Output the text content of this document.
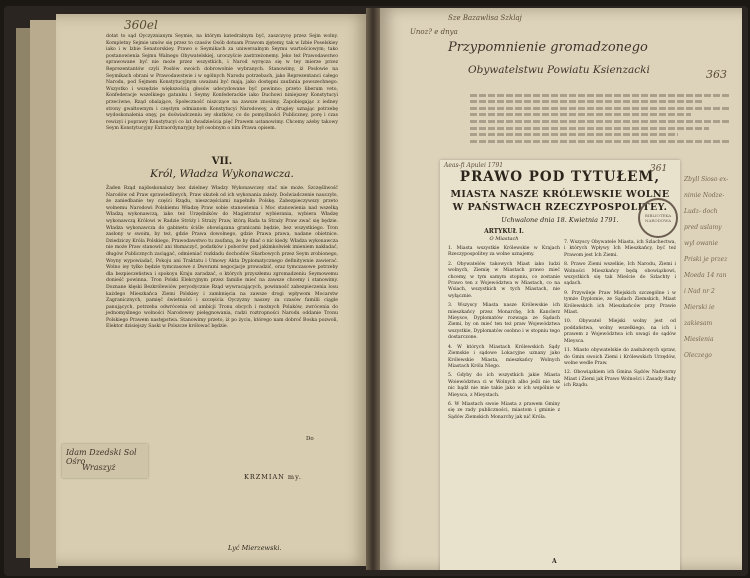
360el
dotat to sąd Oyczyznianym Seymie, na którym katedralnym być, zaszczycę przez Sejm wolny. Kompletny Sejmie umów się przez to czasów Osób dotsam Prawom zjętemy, tak w Izbie Poselskiey iako i w Izbie Senatorskiey. Prawo o Seymikach za uniwersalnym Seymu wartościowym; tako postanowienia Sejmu Walnego Obywatelskiej, uroczyście zastrzeżonemy. Jeko też Prawodawstwo sprawowane być nie może przez wszystkich, i Narod wyręcza się w tey mierze przez Reprezentantów czyli Posłów swoich dobrowolnie wybranych. Stanowimy, iż Posłowie na Seymikach obrani w Prawodawstwie i w ogólnych Narodu potrzebach, jako Reprezentanci całego Narodu, pod Sejmem Konstytucyjnym uważani być mają, jako dostępni zaufania powszechnego. Wszystko i wszędzie większością głosów udecydowane być powinno; przeto liberum veto, Konfederacje wszelkiego gatunku i Seymy Konfederackie iako Duchowi niniejszey Konstytucyi przeciwne, Rząd obalające, Społeczność niszczące na zawsze znosimy. Zapobiegając z iedney strony gwałtownym i częstym odmianom Konstytucyi Narodowey, a drugiey uznając potrzebę wydoskonalenia onęy, po doświadczeniu iey skutków, co do pomyślności Publiczney, porę i czas rewizyi i poprawy Konstytucyi co lat dwadzieścia pięć Prawem ustanowimy. Chcemy ażeby takowy Seym Konstytucyjny Extraordynaryjny był osobnym o nim Prawa opisem.
VII.
Król, Władza Wykonawcza.
Żaden Rząd najdoskonalszy bez dzielney Władzy Wykonawczey stać nie może. Szczęśliwość Narodów od Praw sprawiedliwych, Praw skutek od ich wykonania zależy. Doświadczenie nauczyło, że zaniedbanie tey części Rządu, nieszczęściami napełniło Polskę. Zabezpieczywszy przeto wolnemu Narodowi Polskiemu Władzę Praw sobie stanowienia i Moc stanowienia nad wszelką Władzą wykonawczą, iako też Urzędników do Magistratur wybierania, wybiera Władzę wykonawczą Królowi w Radzie Stróży i Straży Praw, którą Rada ta Straży Praw zwać się będzie. Władza wykonawcza do gabinetu ściśle obowiązana granicami będzie, bez wszystkiego. Tron zasłony w swoim, by też, gdzie Prawa dowolnego, gdzie Prawa prawa, nadane obietnice. Dziedziczy Króla Polskiego, Prawodawstwo tu zaufaną, że by dbać o nic kiedy. Władza wykonawcza nie może Praw stanowić ani tłumaczyć, podatków i poborów pod jakimkolwiek imieniem nakładać, długów Publicznych zaciągać, odmieniać rozkładu dochodów Skarbowych przez Seym zrobionego, Woyny wypowiadać, Pokoju ani Traktatu i Umowy Akta Dyplomatycznego definitywnie zawierać. Wolno iey tylko będzie tymczasowe z Dworami negocjacje prowadzić, oraz tymczasowe potrzeby dla bezpieczeństwa i spokoyu Kraju zaradzać, o których przyszłemu zgromadzeniu Seymowemu donieść powinna. Tron Polski Elekcyjnym przez familie mieć na zawsze chcemy i stanowimy. Doznane klęski Bezkrólewiów peryodycznie Rząd wywracających, powinność zabezpieczenia losu każdego Mieszkańca Ziemi Polskiey i zamknięcia na zawsze drogi wpływom Mocarstw Zagranicznych, pamięć świetności i szczęścia Oyczyzny naszey za czasów familii ciągle panujących, potrzeba odwrócenia od ambicji Tronu obcych i możnych Polaków, zwrócenia do jednomyślnego wolności Narodowey pielęgnowania, radzi roztropności Narodu oddanie Tronu Polskiego Prawem następstwa. Stanowimy przeto, iż po życiu, którego nam dobroć Boska pozwoli, Elektor dzisiejszy Saski w Polszcze królować będzie.
KRZMIAN my.
Do
Lyć Mierzewski.
Idam Dzedski Sol Ośro
Wraszyż
Sze Bazawlisa Szklaj
Unoz? e dnya
Przypomnienie gromadzonego
Obywatelstwu Powiatu Ksienzacki	363
Zbyll Sioso ex-
nimie Nodze-
Ludz- doch
pred uslamy
wyl owanie
Priski je przez
Moeda 14 ran
i Nad nr 2
Mierski ie
zakiesam
Mieslenia
Oleczego
Aeas-fi Apulei 1791	361
PRAWO POD TYTUŁEM,
MIASTA NASZE KRÓLEWSKIE WOLNE
W PAŃSTWACH RZECZYPOSPOLITEY.
Uchwalone dnia 18. Kwietnia 1791.
BIBLIOTEKA NARODOWA
ARTYKUŁ I.
O Miastach

1. Miasta wszystkie Królewskie w Krajach Rzeczypospolitey za wolne uznajemy.

2. Obywatelów takowych Miast iako ludzi wolnych, Ziemię w Miastach prawo mieć chcemy, w tym samym stopniu, co zostanie Prawo ten z Województwa w Miastach, co na Wsiach, wszystkich w tych Miastach, nie wyłącznie.

3. Wszyscy Miasta nasze Królewskie ich mieszkańcy przez Monarchę, Ich Kanclerz Mieysce, Dyplomatów rozwaga ze Sądach Ziemi, by on mieć ten też praw Województwa wszystkie, Dyplomatów osobno i w stopniu tego dostarczone.

4. W których Miastach Królewskich Sądy Ziemskie i sądowe Lokacyjne uznany jako Królewskie Miasta, mieszkańcy Wolnych Miastach Króla Niego.

5. Gdyby do ich wszystkich jakie Miasta Woiewództwa ci w Wolnych albo jeśli nie tak nic bądź nie mie takie jako w ich wspólnie w Mieysca, z Mieystach.

6. W Miastach swoie Miasta z prawem Gminy się ze rady publiczności, miastom i gminie z Sądów Ziemskich Monarchy jak nić Króla.

7. Wszyscy Obywatele Miasta, ich Szlachectwa, i których Wpływy Ich Mieszkańcy, być też Prawom jest Ich Ziemi.

8. Prawo Ziemi wszelkie, Ich Narodu, Ziemi i Wolności Mieszkańcy będą obowiązkowi, wszystkich się tak Mieście do Szlachty i sądach.

9. Przywileje Praw Miejskich szczególne i w tymże Dyplomie, ze Sądach Ziemskich, Miast Królewskich ich Mieszkańców przy Prawie Miast.

10. Obywatel Miejski wolny jest od poddaństwa, wolny wszelkiego, na ich i prawem z Województwa ich uwagi do sądów Mieysca.

11. Miasto obywatelskie do zasłużonych spraw, do Gmin swoich Ziemi i Królewskich Urzędów, wolne wedle Praw.

12. Obowiązkiem ich Gmina Sądów Nadworny Miast i Ziemi jak Prawo Wolności i Zasady Rady ich Rządu.

A
